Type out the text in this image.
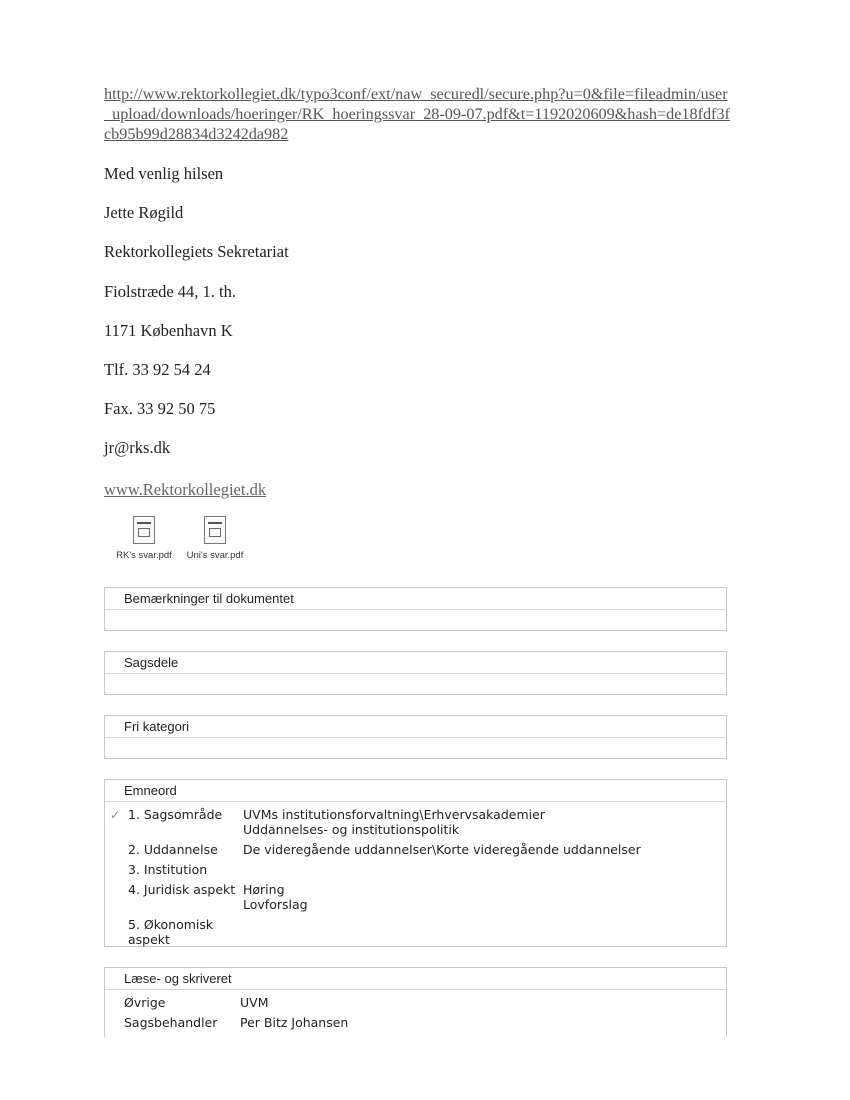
http://www.rektorkollegiet.dk/typo3conf/ext/naw_securedl/secure.php?u=0&file=fileadmin/user_upload/downloads/hoeringer/RK_hoeringssvar_28-09-07.pdf&t=1192020609&hash=de18fdf3fcb95b99d28834d3242da982
Med venlig hilsen
Jette Røgild
Rektorkollegiets Sekretariat
Fiolstræde 44, 1. th.
1171 København K
Tlf. 33 92 54 24
Fax. 33 92 50 75
jr@rks.dk
www.Rektorkollegiet.dk
RK's svar.pdf	Uni's svar.pdf
Bemærkninger til dokumentet
Sagsdele
Fri kategori
Emneord
✓ 1. Sagsområde UVMs institutionsforvaltning\Erhvervsakademier
Uddannelses- og institutionspolitik
2. Uddannelse De videregående uddannelser\Korte videregående uddannelser
3. Institution
4. Juridisk aspekt Høring
Lovforslag
5. Økonomisk
aspekt
Læse- og skriveret
Øvrige	UVM
Sagsbehandler Per Bitz Johansen
